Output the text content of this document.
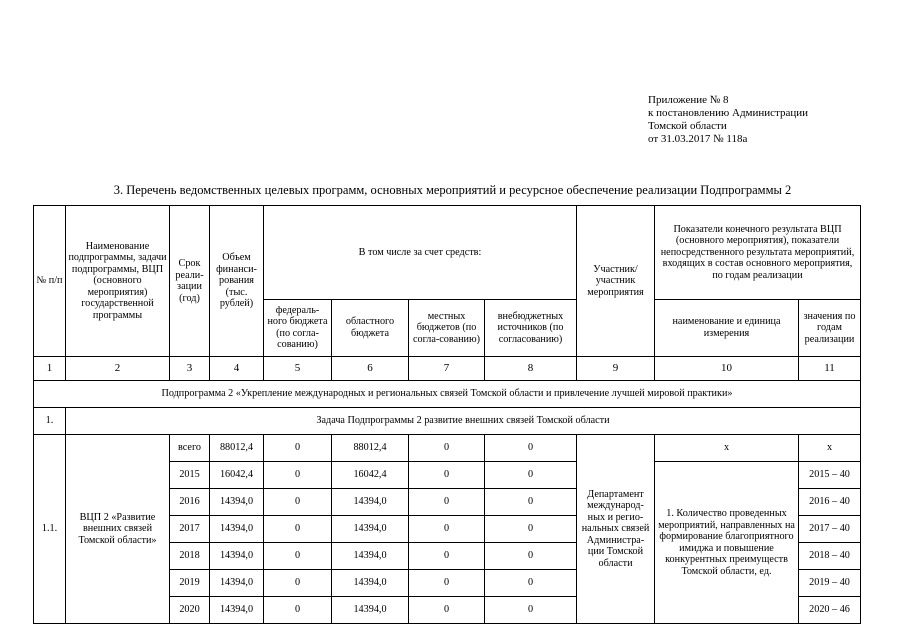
Приложение № 8
к постановлению Администрации
Томской области
от 31.03.2017 № 118а
3. Перечень ведомственных целевых программ, основных мероприятий и ресурсное обеспечение реализации Подпрограммы 2
№ п/п	Наименование подпрограммы, задачи подпрограммы, ВЦП (основного мероприятия) государственной программы	Срок реали-зации (год)	Объем финанси-рования (тыс. рублей)	В том числе за счет средств:				Участник/ участник мероприятия	Показатели конечного результата ВЦП (основного мероприятия), показатели непосредственного результата мероприятий, входящих в состав основного мероприятия, по годам реализации	
				федераль-ного бюджета (по согла-сованию)	областного бюджета	местных бюджетов (по согла-сованию)	внебюджетных источников (по согласованию)		наименование и единица измерения	значения по годам реализации
1	2	3	4	5	6	7	8	9	10	11
Подпрограмма 2 «Укрепление международных и региональных связей Томской области и привлечение лучшей мировой практики»										
1.	Задача Подпрограммы 2 развитие внешних связей Томской области									
1.1.	ВЦП 2 «Развитие внешних связей Томской области»	всего	88012,4	0	88012,4	0	0	Департамент международ-ных и регио-нальных связей Администра-ции Томской области	x	x
		2015	16042,4	0	16042,4	0	0		1. Количество проведенных мероприятий, направленных на формирование благоприятного имиджа и повышение конкурентных преимуществ Томской области, ед.	2015 – 40
		2016	14394,0	0	14394,0	0	0			2016 – 40
		2017	14394,0	0	14394,0	0	0			2017 – 40
		2018	14394,0	0	14394,0	0	0			2018 – 40
		2019	14394,0	0	14394,0	0	0			2019 – 40
		2020	14394,0	0	14394,0	0	0			2020 – 46
